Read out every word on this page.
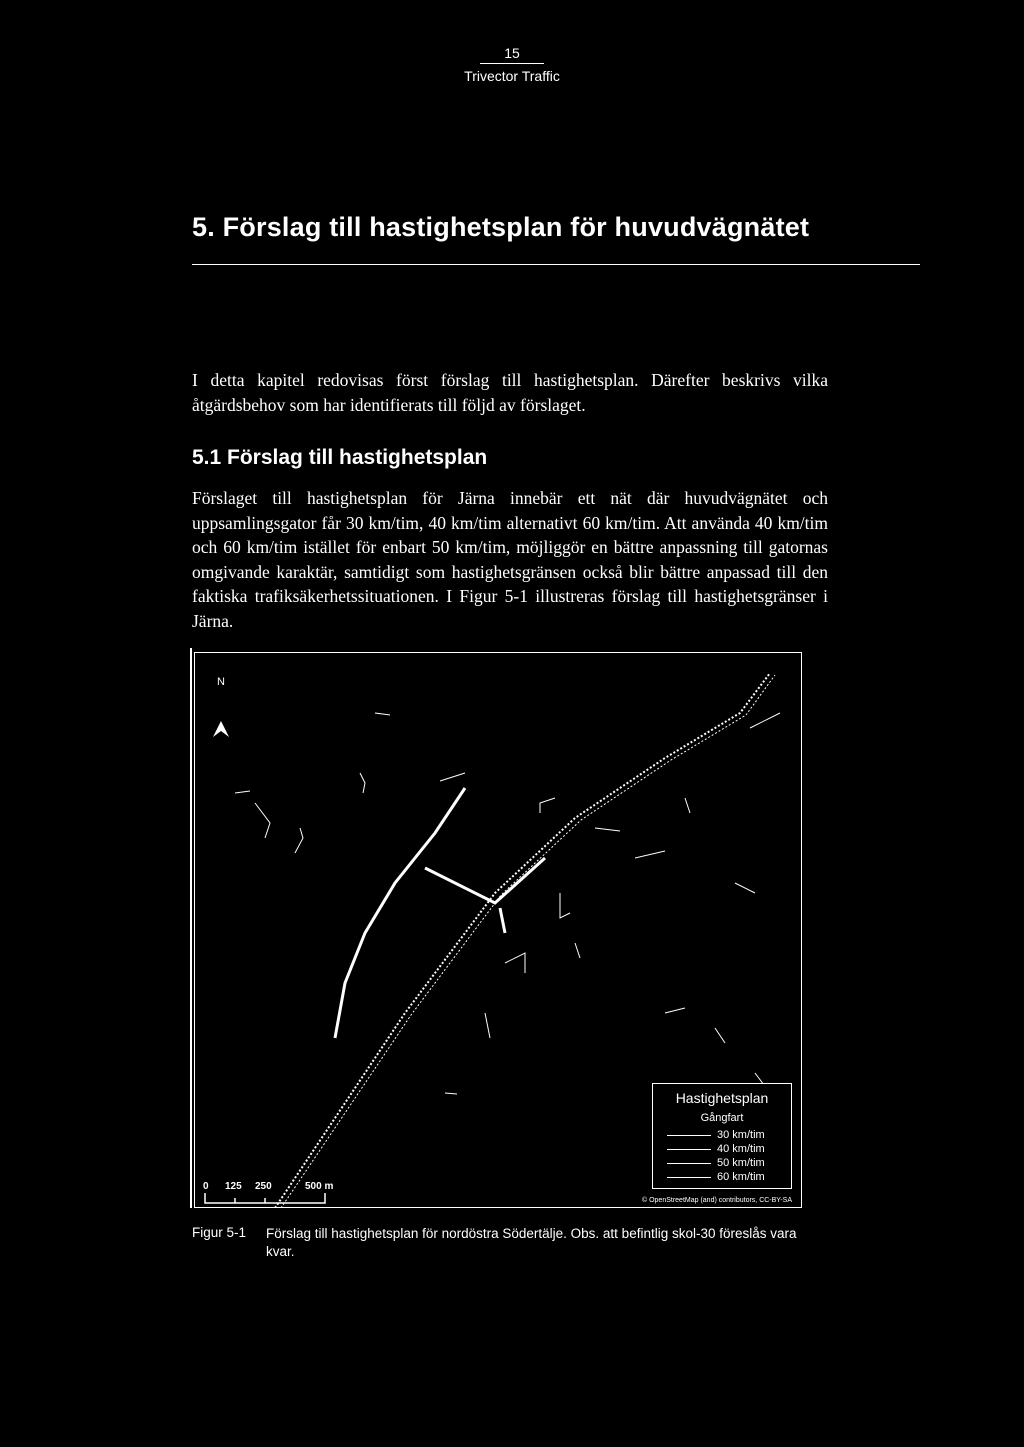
15
Trivector Traffic
5. Förslag till hastighetsplan för huvudvägnätet

I detta kapitel redovisas först förslag till hastighetsplan. Därefter beskrivs vilka åtgärdsbehov som har identifierats till följd av förslaget.

5.1 Förslag till hastighetsplan

Förslaget till hastighetsplan för Järna innebär ett nät där huvudvägnätet och uppsamlingsgator får 30 km/tim, 40 km/tim alternativt 60 km/tim. Att använda 40 km/tim och 60 km/tim istället för enbart 50 km/tim, möjliggör en bättre anpassning till gatornas omgivande karaktär, samtidigt som hastighetsgränsen också blir bättre anpassad till den faktiska trafiksäkerhetssituationen. I Figur 5-1 illustreras förslag till hastighetsgränser i Järna.

N
0 125 250	500 m
Hastighetsplan
Gångfart
30 km/tim
40 km/tim
50 km/tim
60 km/tim
© OpenStreetMap (and) contributors, CC-BY-SA
Figur 5-1 Förslag till hastighetsplan för nordöstra Södertälje. Obs. att befintlig skol-30 föreslås vara kvar.
